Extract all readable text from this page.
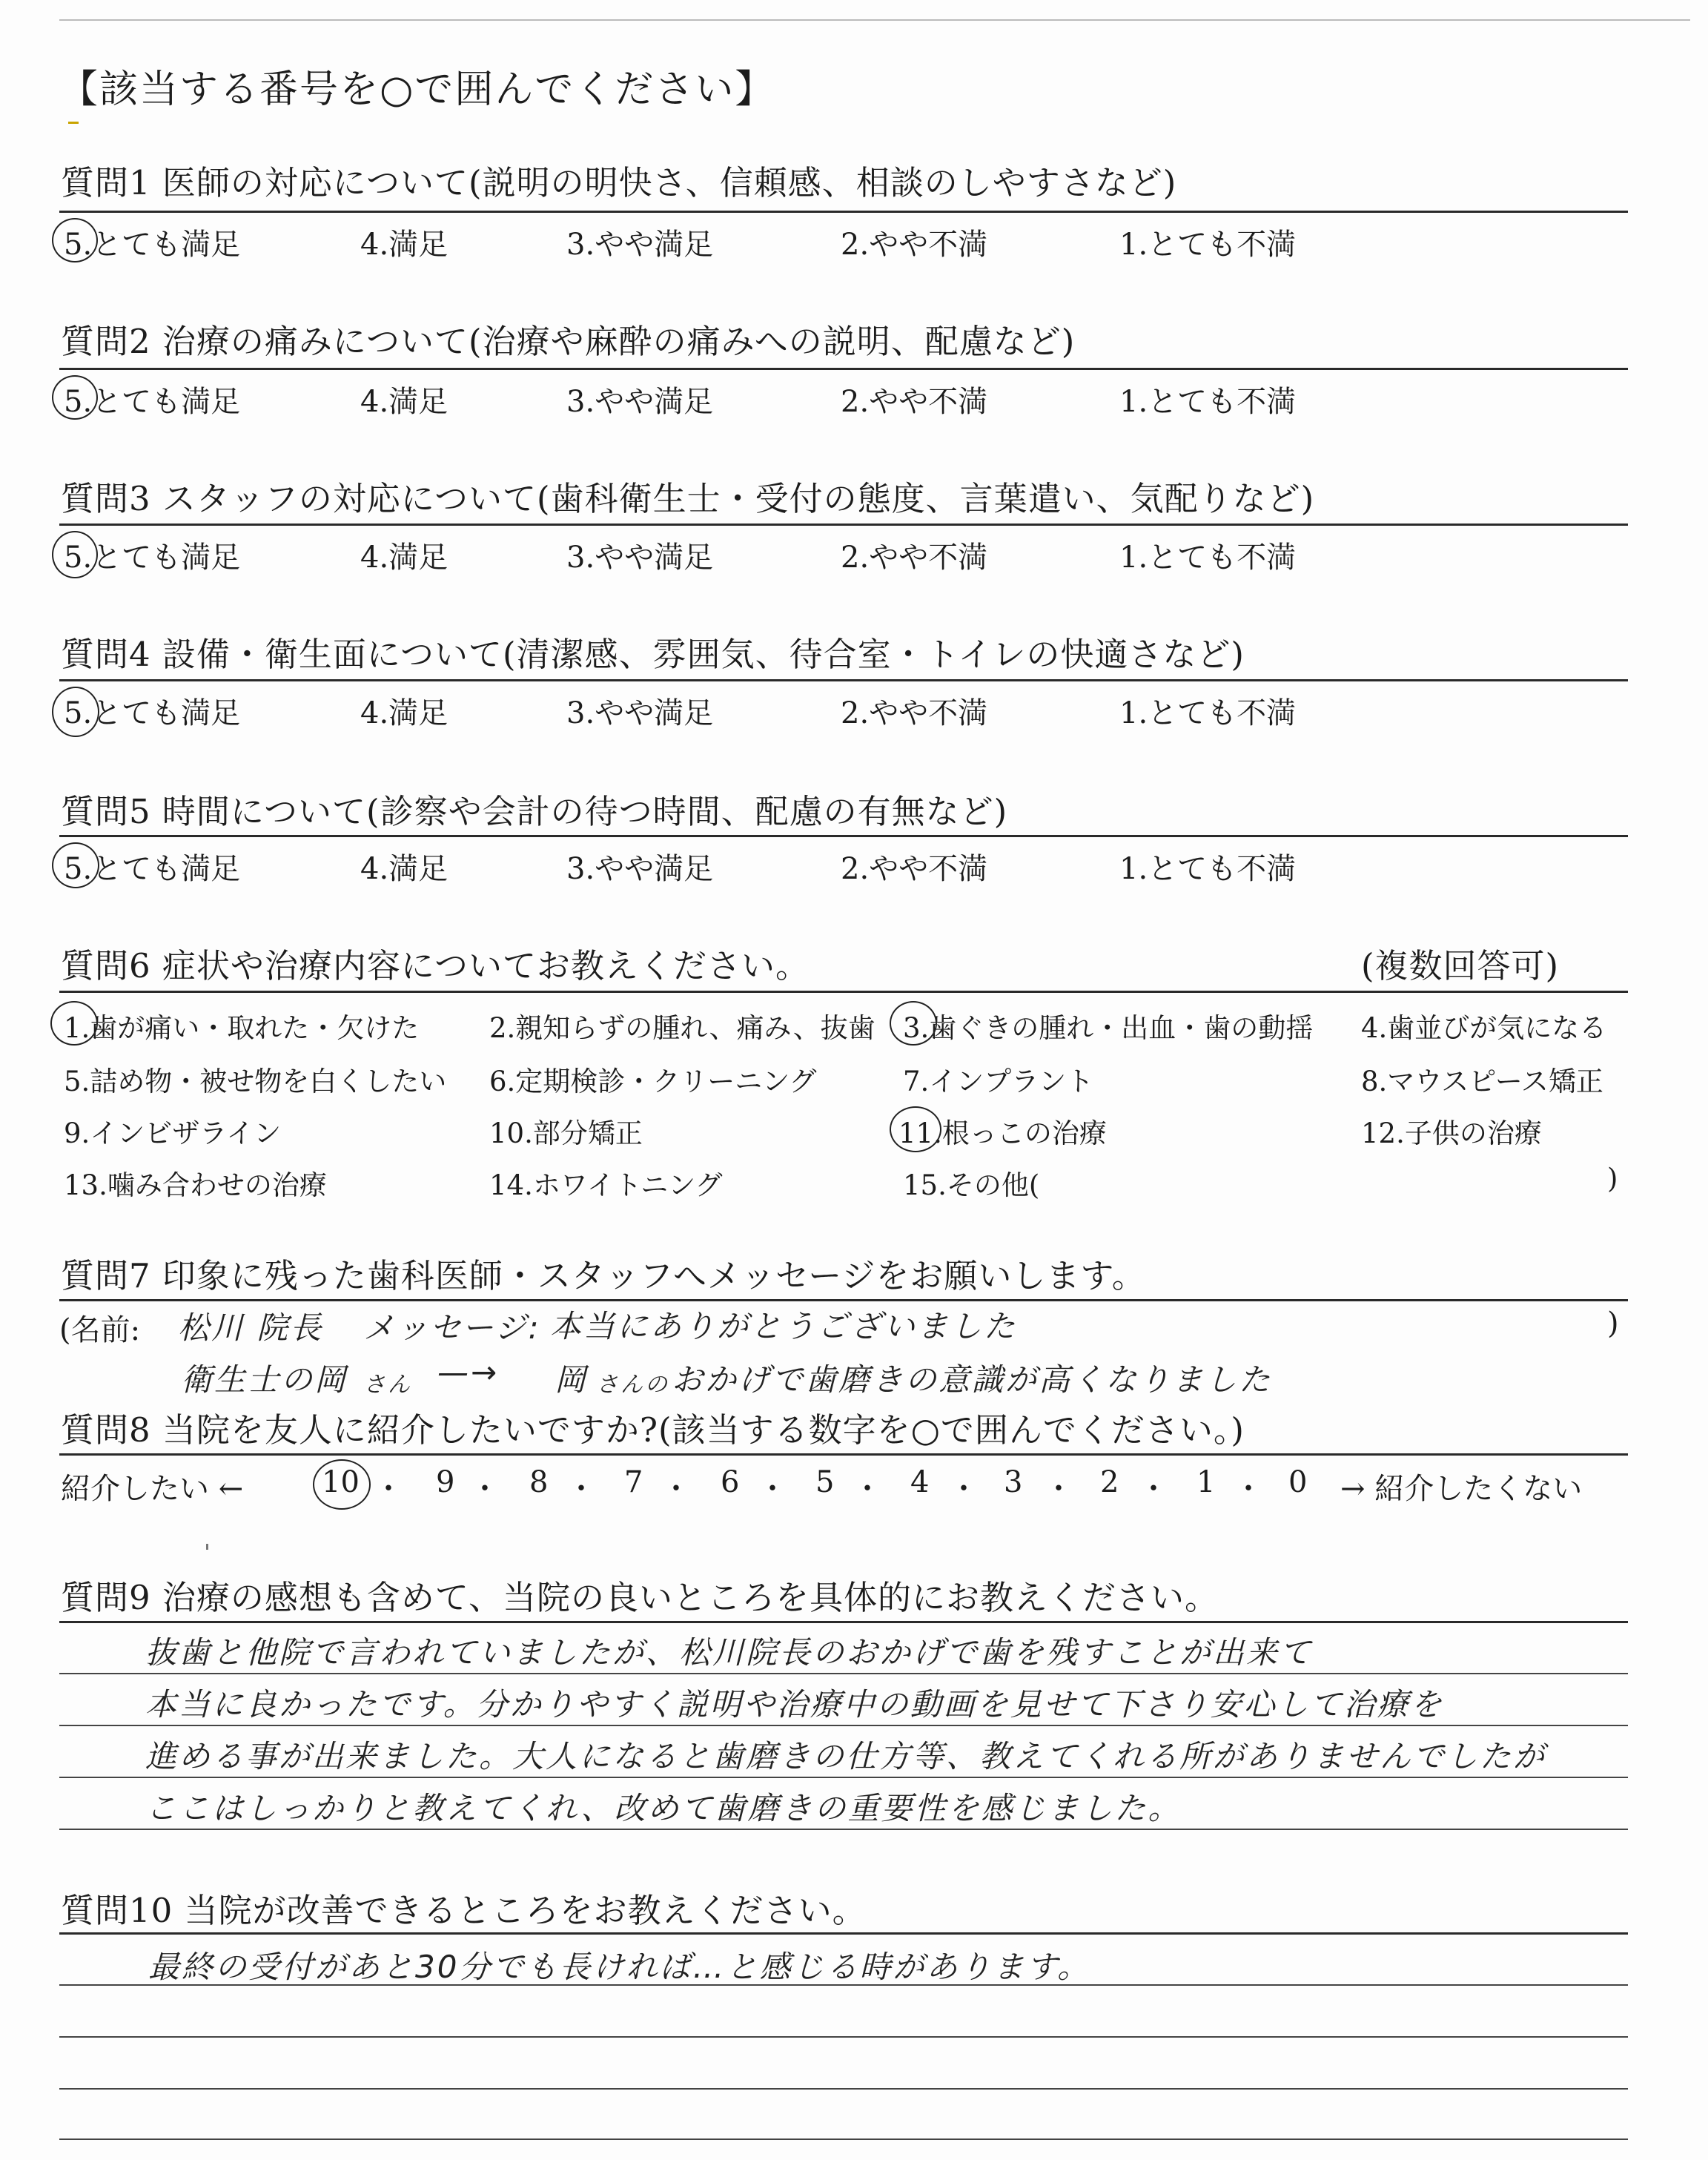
【該当する番号を○で囲んでください】
質問1 医師の対応について(説明の明快さ、信頼感、相談のしやすさなど)
5.とても満足	4.満足	3.やや満足	2.やや不満	1.とても不満
質問2 治療の痛みについて(治療や麻酔の痛みへの説明、配慮など)
5.とても満足	4.満足	3.やや満足	2.やや不満	1.とても不満
質問3 スタッフの対応について(歯科衛生士・受付の態度、言葉遣い、気配りなど)
5.とても満足	4.満足	3.やや満足	2.やや不満	1.とても不満
質問4 設備・衛生面について(清潔感、雰囲気、待合室・トイレの快適さなど)
5.とても満足	4.満足	3.やや満足	2.やや不満	1.とても不満
質問5 時間について(診察や会計の待つ時間、配慮の有無など)
5.とても満足	4.満足	3.やや満足	2.やや不満	1.とても不満
質問6 症状や治療内容についてお教えください。	(複数回答可)
1.歯が痛い・取れた・欠けた	2.親知らずの腫れ、痛み、抜歯 3.歯ぐきの腫れ・出血・歯の動揺 4.歯並びが気になる
5.詰め物・被せ物を白くしたい 6.定期検診・クリーニング	7.インプラント	8.マウスピース矯正
9.インビザライン	10.部分矯正	11.根っこの治療	12.子供の治療
13.噛み合わせの治療	14.ホワイトニング	15.その他(	)
質問7 印象に残った歯科医師・スタッフへメッセージをお願いします。
(名前: 松川 院長 メッセージ: 本当にありがとうございました	)
衛生士の岡 さん —→ 岡 さんの おかげで歯磨きの意識が高くなりました
質問8 当院を友人に紹介したいですか?(該当する数字を○で囲んでください。)
紹介したい ←	10 ・ 9 ・ 8 ・ 7 ・ 6 ・ 5 ・ 4 ・ 3 ・ 2 ・ 1 ・ 0 → 紹介したくない
質問9 治療の感想も含めて、当院の良いところを具体的にお教えください。
抜歯と他院で言われていましたが、松川院長のおかげで歯を残すことが出来て
本当に良かったです。分かりやすく説明や治療中の動画を見せて下さり安心して治療を
進める事が出来ました。大人になると歯磨きの仕方等、教えてくれる所がありませんでしたが
ここはしっかりと教えてくれ、改めて歯磨きの重要性を感じました。
質問10 当院が改善できるところをお教えください。
最終の受付があと30分でも長ければ…と感じる時があります。
